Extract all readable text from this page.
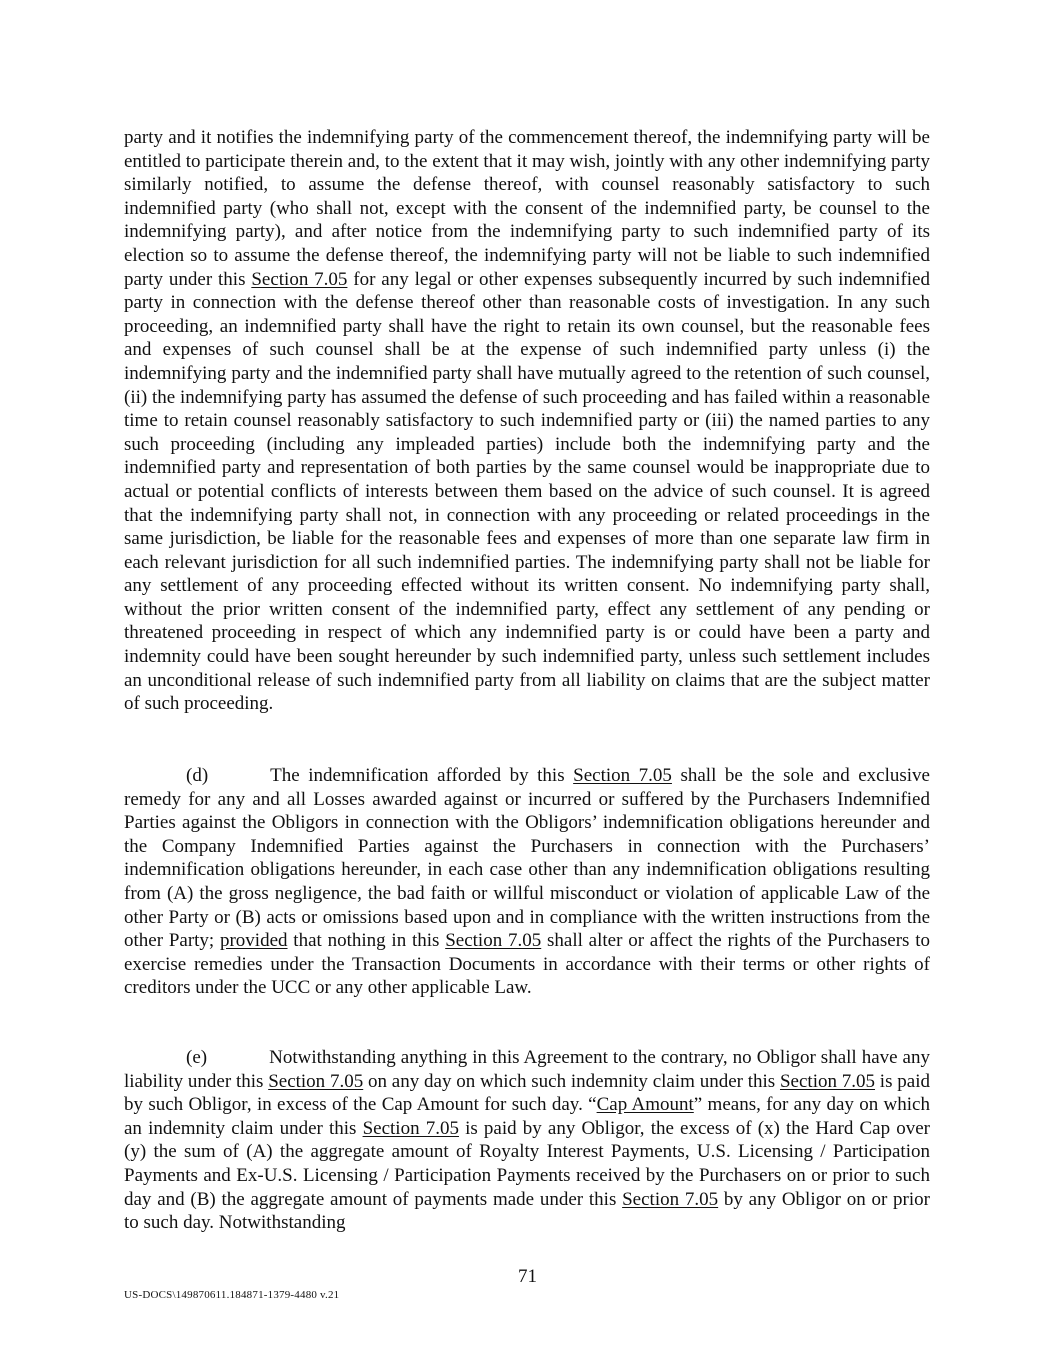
party and it notifies the indemnifying party of the commencement thereof, the indemnifying party will be entitled to participate therein and, to the extent that it may wish, jointly with any other indemnifying party similarly notified, to assume the defense thereof, with counsel reasonably satisfactory to such indemnified party (who shall not, except with the consent of the indemnified party, be counsel to the indemnifying party), and after notice from the indemnifying party to such indemnified party of its election so to assume the defense thereof, the indemnifying party will not be liable to such indemnified party under this Section 7.05 for any legal or other expenses subsequently incurred by such indemnified party in connection with the defense thereof other than reasonable costs of investigation. In any such proceeding, an indemnified party shall have the right to retain its own counsel, but the reasonable fees and expenses of such counsel shall be at the expense of such indemnified party unless (i) the indemnifying party and the indemnified party shall have mutually agreed to the retention of such counsel, (ii) the indemnifying party has assumed the defense of such proceeding and has failed within a reasonable time to retain counsel reasonably satisfactory to such indemnified party or (iii) the named parties to any such proceeding (including any impleaded parties) include both the indemnifying party and the indemnified party and representation of both parties by the same counsel would be inappropriate due to actual or potential conflicts of interests between them based on the advice of such counsel. It is agreed that the indemnifying party shall not, in connection with any proceeding or related proceedings in the same jurisdiction, be liable for the reasonable fees and expenses of more than one separate law firm in each relevant jurisdiction for all such indemnified parties. The indemnifying party shall not be liable for any settlement of any proceeding effected without its written consent. No indemnifying party shall, without the prior written consent of the indemnified party, effect any settlement of any pending or threatened proceeding in respect of which any indemnified party is or could have been a party and indemnity could have been sought hereunder by such indemnified party, unless such settlement includes an unconditional release of such indemnified party from all liability on claims that are the subject matter of such proceeding.

(d)	The indemnification afforded by this Section 7.05 shall be the sole and exclusive remedy for any and all Losses awarded against or incurred or suffered by the Purchasers Indemnified Parties against the Obligors in connection with the Obligors’ indemnification obligations hereunder and the Company Indemnified Parties against the Purchasers in connection with the Purchasers’ indemnification obligations hereunder, in each case other than any indemnification obligations resulting from (A) the gross negligence, the bad faith or willful misconduct or violation of applicable Law of the other Party or (B) acts or omissions based upon and in compliance with the written instructions from the other Party; provided that nothing in this Section 7.05 shall alter or affect the rights of the Purchasers to exercise remedies under the Transaction Documents in accordance with their terms or other rights of creditors under the UCC or any other applicable Law.

(e)	Notwithstanding anything in this Agreement to the contrary, no Obligor shall have any liability under this Section 7.05 on any day on which such indemnity claim under this Section 7.05 is paid by such Obligor, in excess of the Cap Amount for such day. “Cap Amount” means, for any day on which an indemnity claim under this Section 7.05 is paid by any Obligor, the excess of (x) the Hard Cap over (y) the sum of (A) the aggregate amount of Royalty Interest Payments, U.S. Licensing / Participation Payments and Ex-U.S. Licensing / Participation Payments received by the Purchasers on or prior to such day and (B) the aggregate amount of payments made under this Section 7.05 by any Obligor on or prior to such day. Notwithstanding

71
US-DOCS\149870611.184871-1379-4480 v.21
